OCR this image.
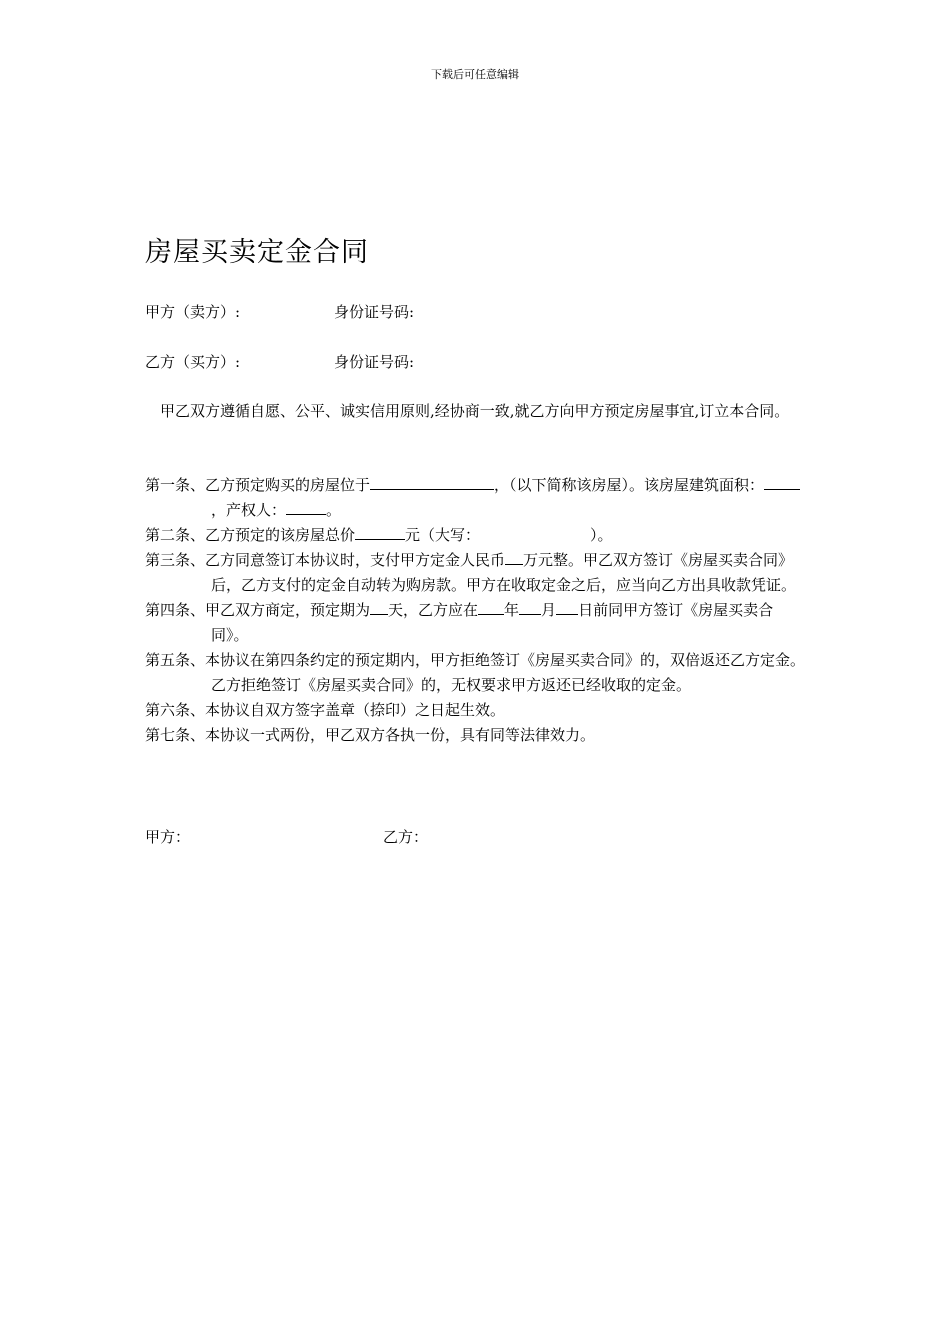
下载后可任意编辑
房屋买卖定金合同
甲方（卖方）:	身份证号码:
乙方（买方）:	身份证号码:
甲乙双方遵循自愿、公平、诚实信用原则,经协商一致,就乙方向甲方预定房屋事宜,订立本合同。
第一条、乙方预定购买的房屋位于	，（以下简称该房屋）。该房屋建筑面积：，产权人：	。
第二条、乙方预定的该房屋总价	元（大写：	）。
第三条、乙方同意签订本协议时，支付甲方定金人民币 万元整。甲乙双方签订《房屋买卖合同》后，乙方支付的定金自动转为购房款。甲方在收取定金之后，应当向乙方出具收款凭证。
第四条、甲乙双方商定，预定期为 天，乙方应在 年 月 日前同甲方签订《房屋买卖合同》。
第五条、本协议在第四条约定的预定期内，甲方拒绝签订《房屋买卖合同》的，双倍返还乙方定金。乙方拒绝签订《房屋买卖合同》的，无权要求甲方返还已经收取的定金。
第六条、本协议自双方签字盖章（捺印）之日起生效。
第七条、本协议一式两份，甲乙双方各执一份，具有同等法律效力。
甲方：	乙方：
